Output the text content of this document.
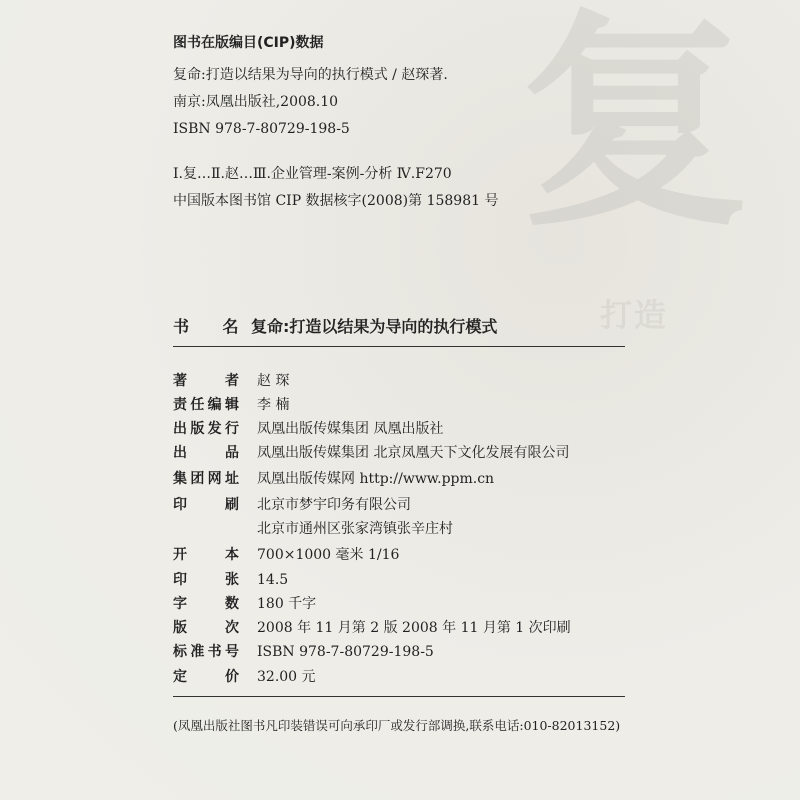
复
打造
图书在版编目(CIP)数据
复命:打造以结果为导向的执行模式 / 赵琛著.
南京:凤凰出版社,2008.10
ISBN 978-7-80729-198-5
Ⅰ.复…Ⅱ.赵…Ⅲ.企业管理-案例-分析 Ⅳ.F270
中国版本图书馆 CIP 数据核字(2008)第 158981 号
书 名 复命:打造以结果为导向的执行模式
著	者 赵 琛
责 任 编 辑 李 楠
出 版 发 行 凤凰出版传媒集团 凤凰出版社
出	品 凤凰出版传媒集团 北京凤凰天下文化发展有限公司
集 团 网 址 凤凰出版传媒网 http://www.ppm.cn
印	刷 北京市梦宇印务有限公司
北京市通州区张家湾镇张辛庄村
开	本 700×1000 毫米 1/16
印	张 14.5
字	数 180 千字
版	次 2008 年 11 月第 2 版 2008 年 11 月第 1 次印刷
标 准 书 号 ISBN 978-7-80729-198-5
定	价 32.00 元
(凤凰出版社图书凡印装错误可向承印厂或发行部调换,联系电话:010-82013152)
